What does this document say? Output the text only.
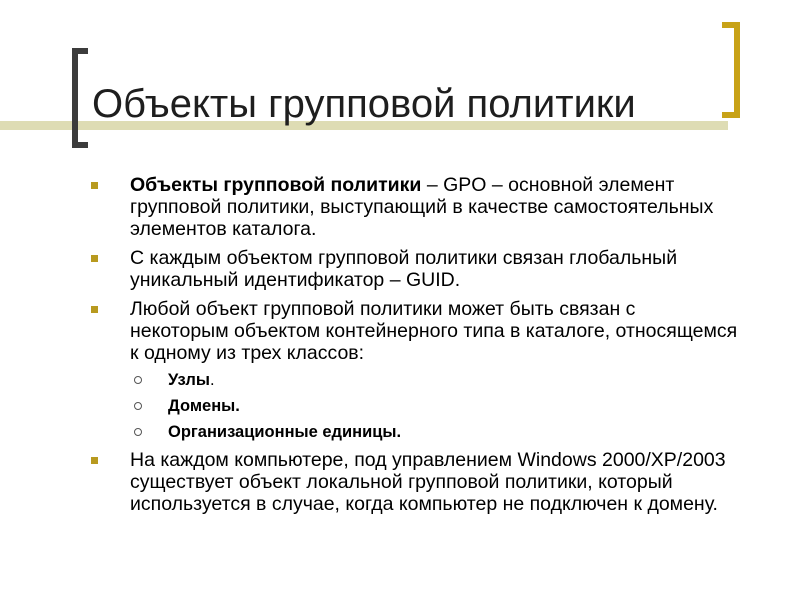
Объекты групповой политики
Объекты групповой политики – GPO – основной элемент групповой политики, выступающий в качестве самостоятельных элементов каталога.
С каждым объектом групповой политики связан глобальный уникальный идентификатор – GUID.
Любой объект групповой политики может быть связан с некоторым объектом контейнерного типа в каталоге, относящемся к одному из трех классов:
Узлы.
Домены.
Организационные единицы.
На каждом компьютере, под управлением Windows 2000/XP/2003 существует объект локальной групповой политики, который используется в случае, когда компьютер не подключен к домену.
